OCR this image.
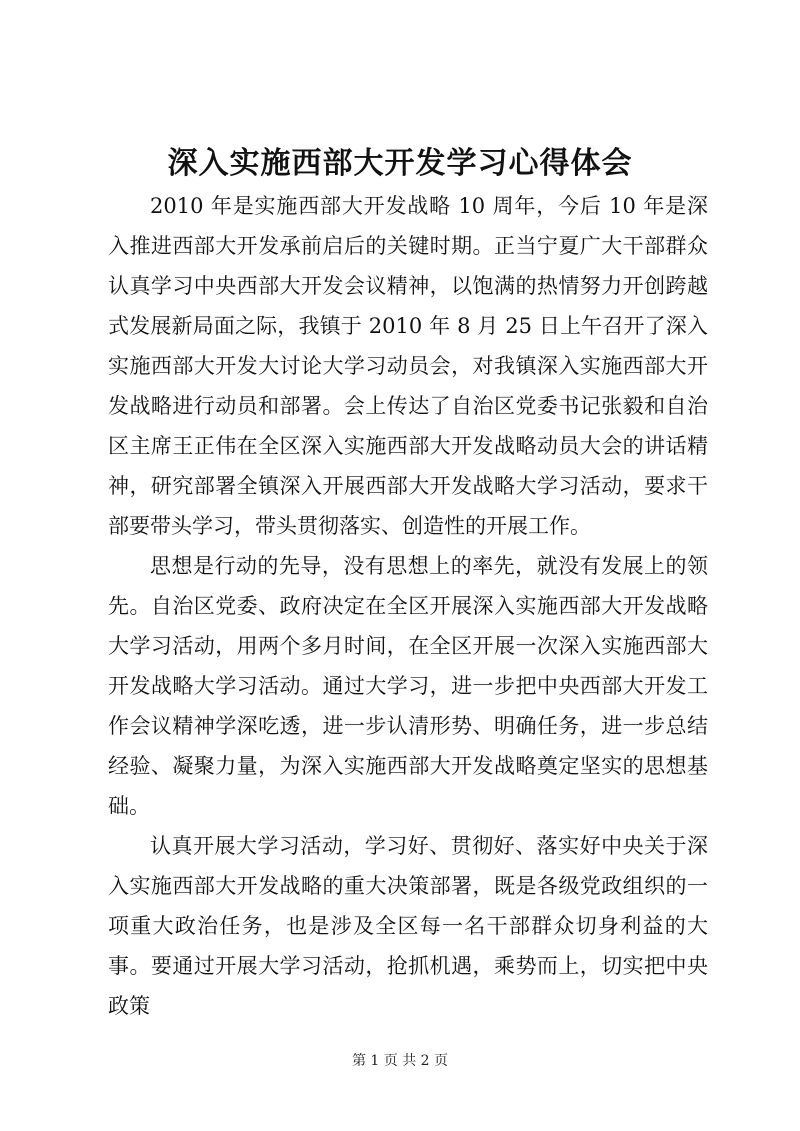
深入实施西部大开发学习心得体会

2010 年是实施西部大开发战略 10 周年，今后 10 年是深入推进西部大开发承前启后的关键时期。正当宁夏广大干部群众认真学习中央西部大开发会议精神，以饱满的热情努力开创跨越式发展新局面之际，我镇于 2010 年 8 月 25 日上午召开了深入实施西部大开发大讨论大学习动员会，对我镇深入实施西部大开发战略进行动员和部署。会上传达了自治区党委书记张毅和自治区主席王正伟在全区深入实施西部大开发战略动员大会的讲话精神，研究部署全镇深入开展西部大开发战略大学习活动，要求干部要带头学习，带头贯彻落实、创造性的开展工作。

思想是行动的先导，没有思想上的率先，就没有发展上的领先。自治区党委、政府决定在全区开展深入实施西部大开发战略大学习活动，用两个多月时间，在全区开展一次深入实施西部大开发战略大学习活动。通过大学习，进一步把中央西部大开发工作会议精神学深吃透，进一步认清形势、明确任务，进一步总结经验、凝聚力量，为深入实施西部大开发战略奠定坚实的思想基础。

认真开展大学习活动，学习好、贯彻好、落实好中央关于深入实施西部大开发战略的重大决策部署，既是各级党政组织的一项重大政治任务，也是涉及全区每一名干部群众切身利益的大事。要通过开展大学习活动，抢抓机遇，乘势而上，切实把中央政策

第 1 页 共 2 页
